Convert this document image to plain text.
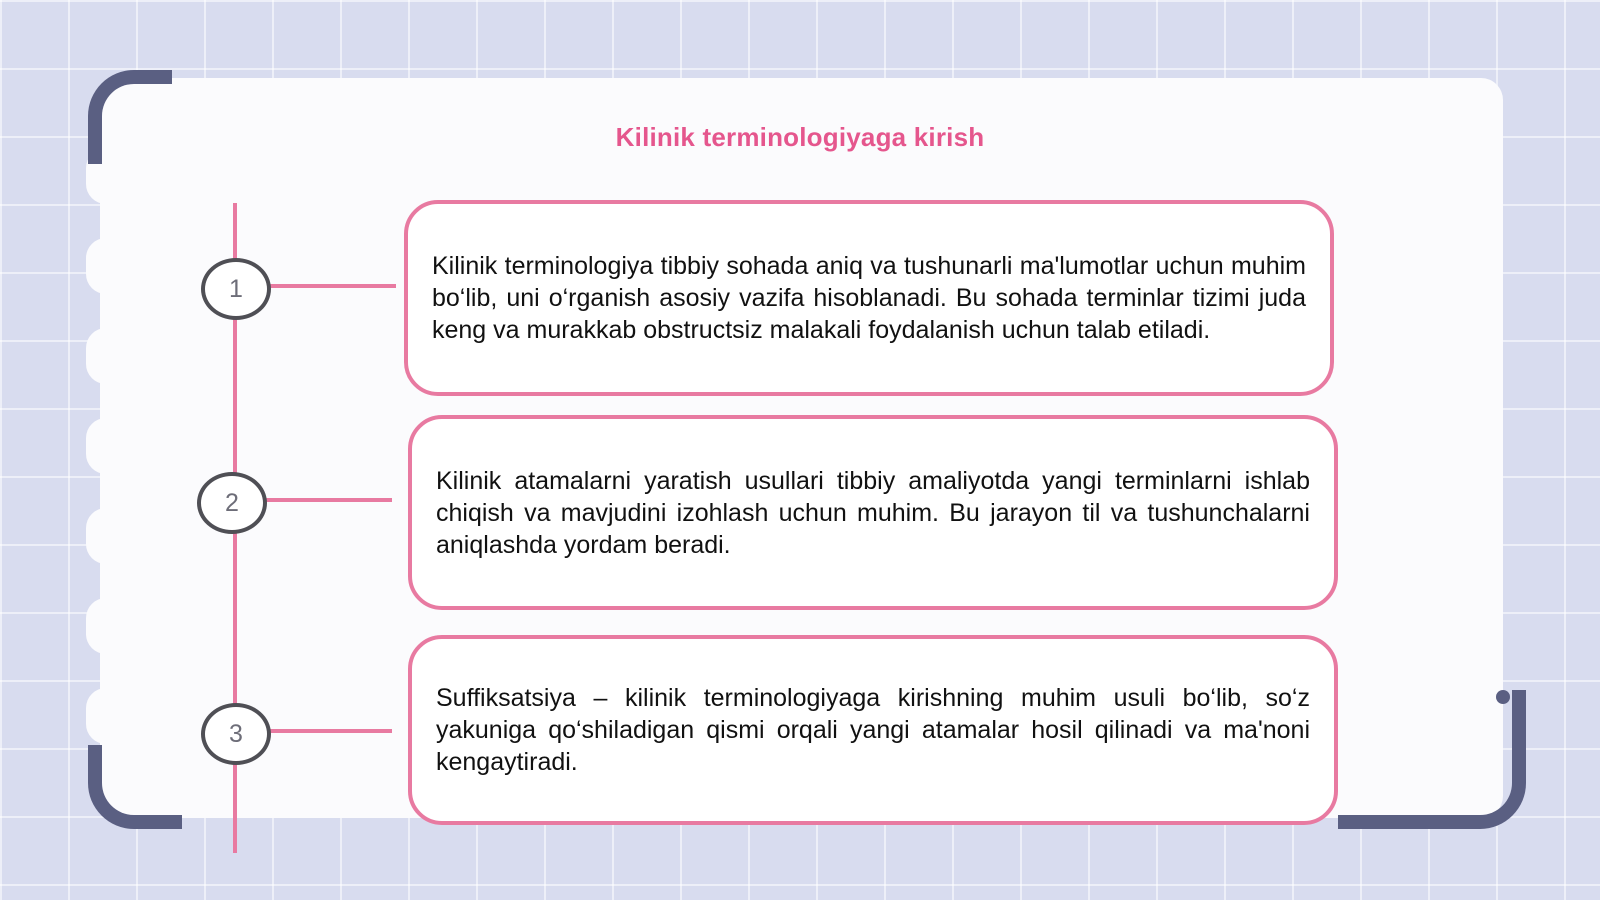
Kilinik terminologiyaga kirish
1
Kilinik terminologiya tibbiy sohada aniq va tushunarli ma'lumotlar uchun muhim bo‘lib, uni o‘rganish asosiy vazifa hisoblanadi. Bu sohada terminlar tizimi juda keng va murakkab obstructsiz malakali foydalanish uchun talab etiladi.
2
Kilinik atamalarni yaratish usullari tibbiy amaliyotda yangi terminlarni ishlab chiqish va mavjudini izohlash uchun muhim. Bu jarayon til va tushunchalarni aniqlashda yordam beradi.
3
Suffiksatsiya – kilinik terminologiyaga kirishning muhim usuli bo‘lib, so‘z yakuniga qo‘shiladigan qismi orqali yangi atamalar hosil qilinadi va ma'noni kengaytiradi.
